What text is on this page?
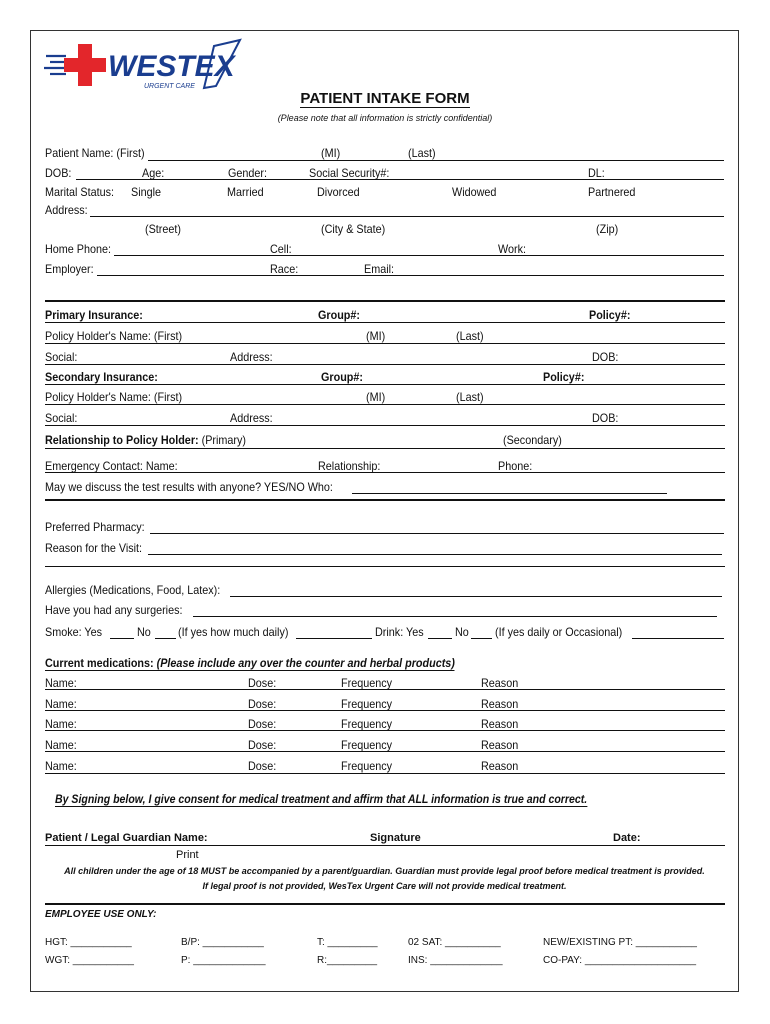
WESTEX
URGENT CARE
PATIENT INTAKE FORM
(Please note that all information is strictly confidential)
Patient Name: (First)	(MI)	(Last)
DOB:	Age:	Gender:	Social Security#:	DL:
Marital Status: Single	Married	Divorced	Widowed	Partnered
Address:
(Street)	(City & State)	(Zip)
Home Phone:	Cell:	Work:
Employer:	Race:	Email:
Primary Insurance:	Group#:	Policy#:
Policy Holder's Name: (First)	(MI)	(Last)
Social:	Address:	DOB:
Secondary Insurance:	Group#:	Policy#:
Policy Holder's Name: (First)	(MI)	(Last)
Social:	Address:	DOB:
Relationship to Policy Holder: (Primary)	(Secondary)
Emergency Contact: Name:	Relationship:	Phone:
May we discuss the test results with anyone? YES/NO Who:
Preferred Pharmacy:
Reason for the Visit:
Allergies (Medications, Food, Latex):
Have you had any surgeries:
Smoke: Yes	No (If yes how much daily)	Drink: Yes	No (If yes daily or Occasional)
Current medications: (Please include any over the counter and herbal products)
Name:	Dose:	Frequency	Reason
Name:	Dose:	Frequency	Reason
Name:	Dose:	Frequency	Reason
Name:	Dose:	Frequency	Reason
Name:	Dose:	Frequency	Reason
By Signing below, I give consent for medical treatment and affirm that ALL information is true and correct.
Patient / Legal Guardian Name:	Signature	Date:
Print
All children under the age of 18 MUST be accompanied by a parent/guardian. Guardian must provide legal proof before medical treatment is provided.
If legal proof is not provided, WesTex Urgent Care will not provide medical treatment.
EMPLOYEE USE ONLY:
HGT: ___________	B/P: ___________	T: _________	02 SAT: __________	NEW/EXISTING PT: ___________
WGT: ___________	P: _____________	R:_________	INS: _____________	CO-PAY: ____________________
